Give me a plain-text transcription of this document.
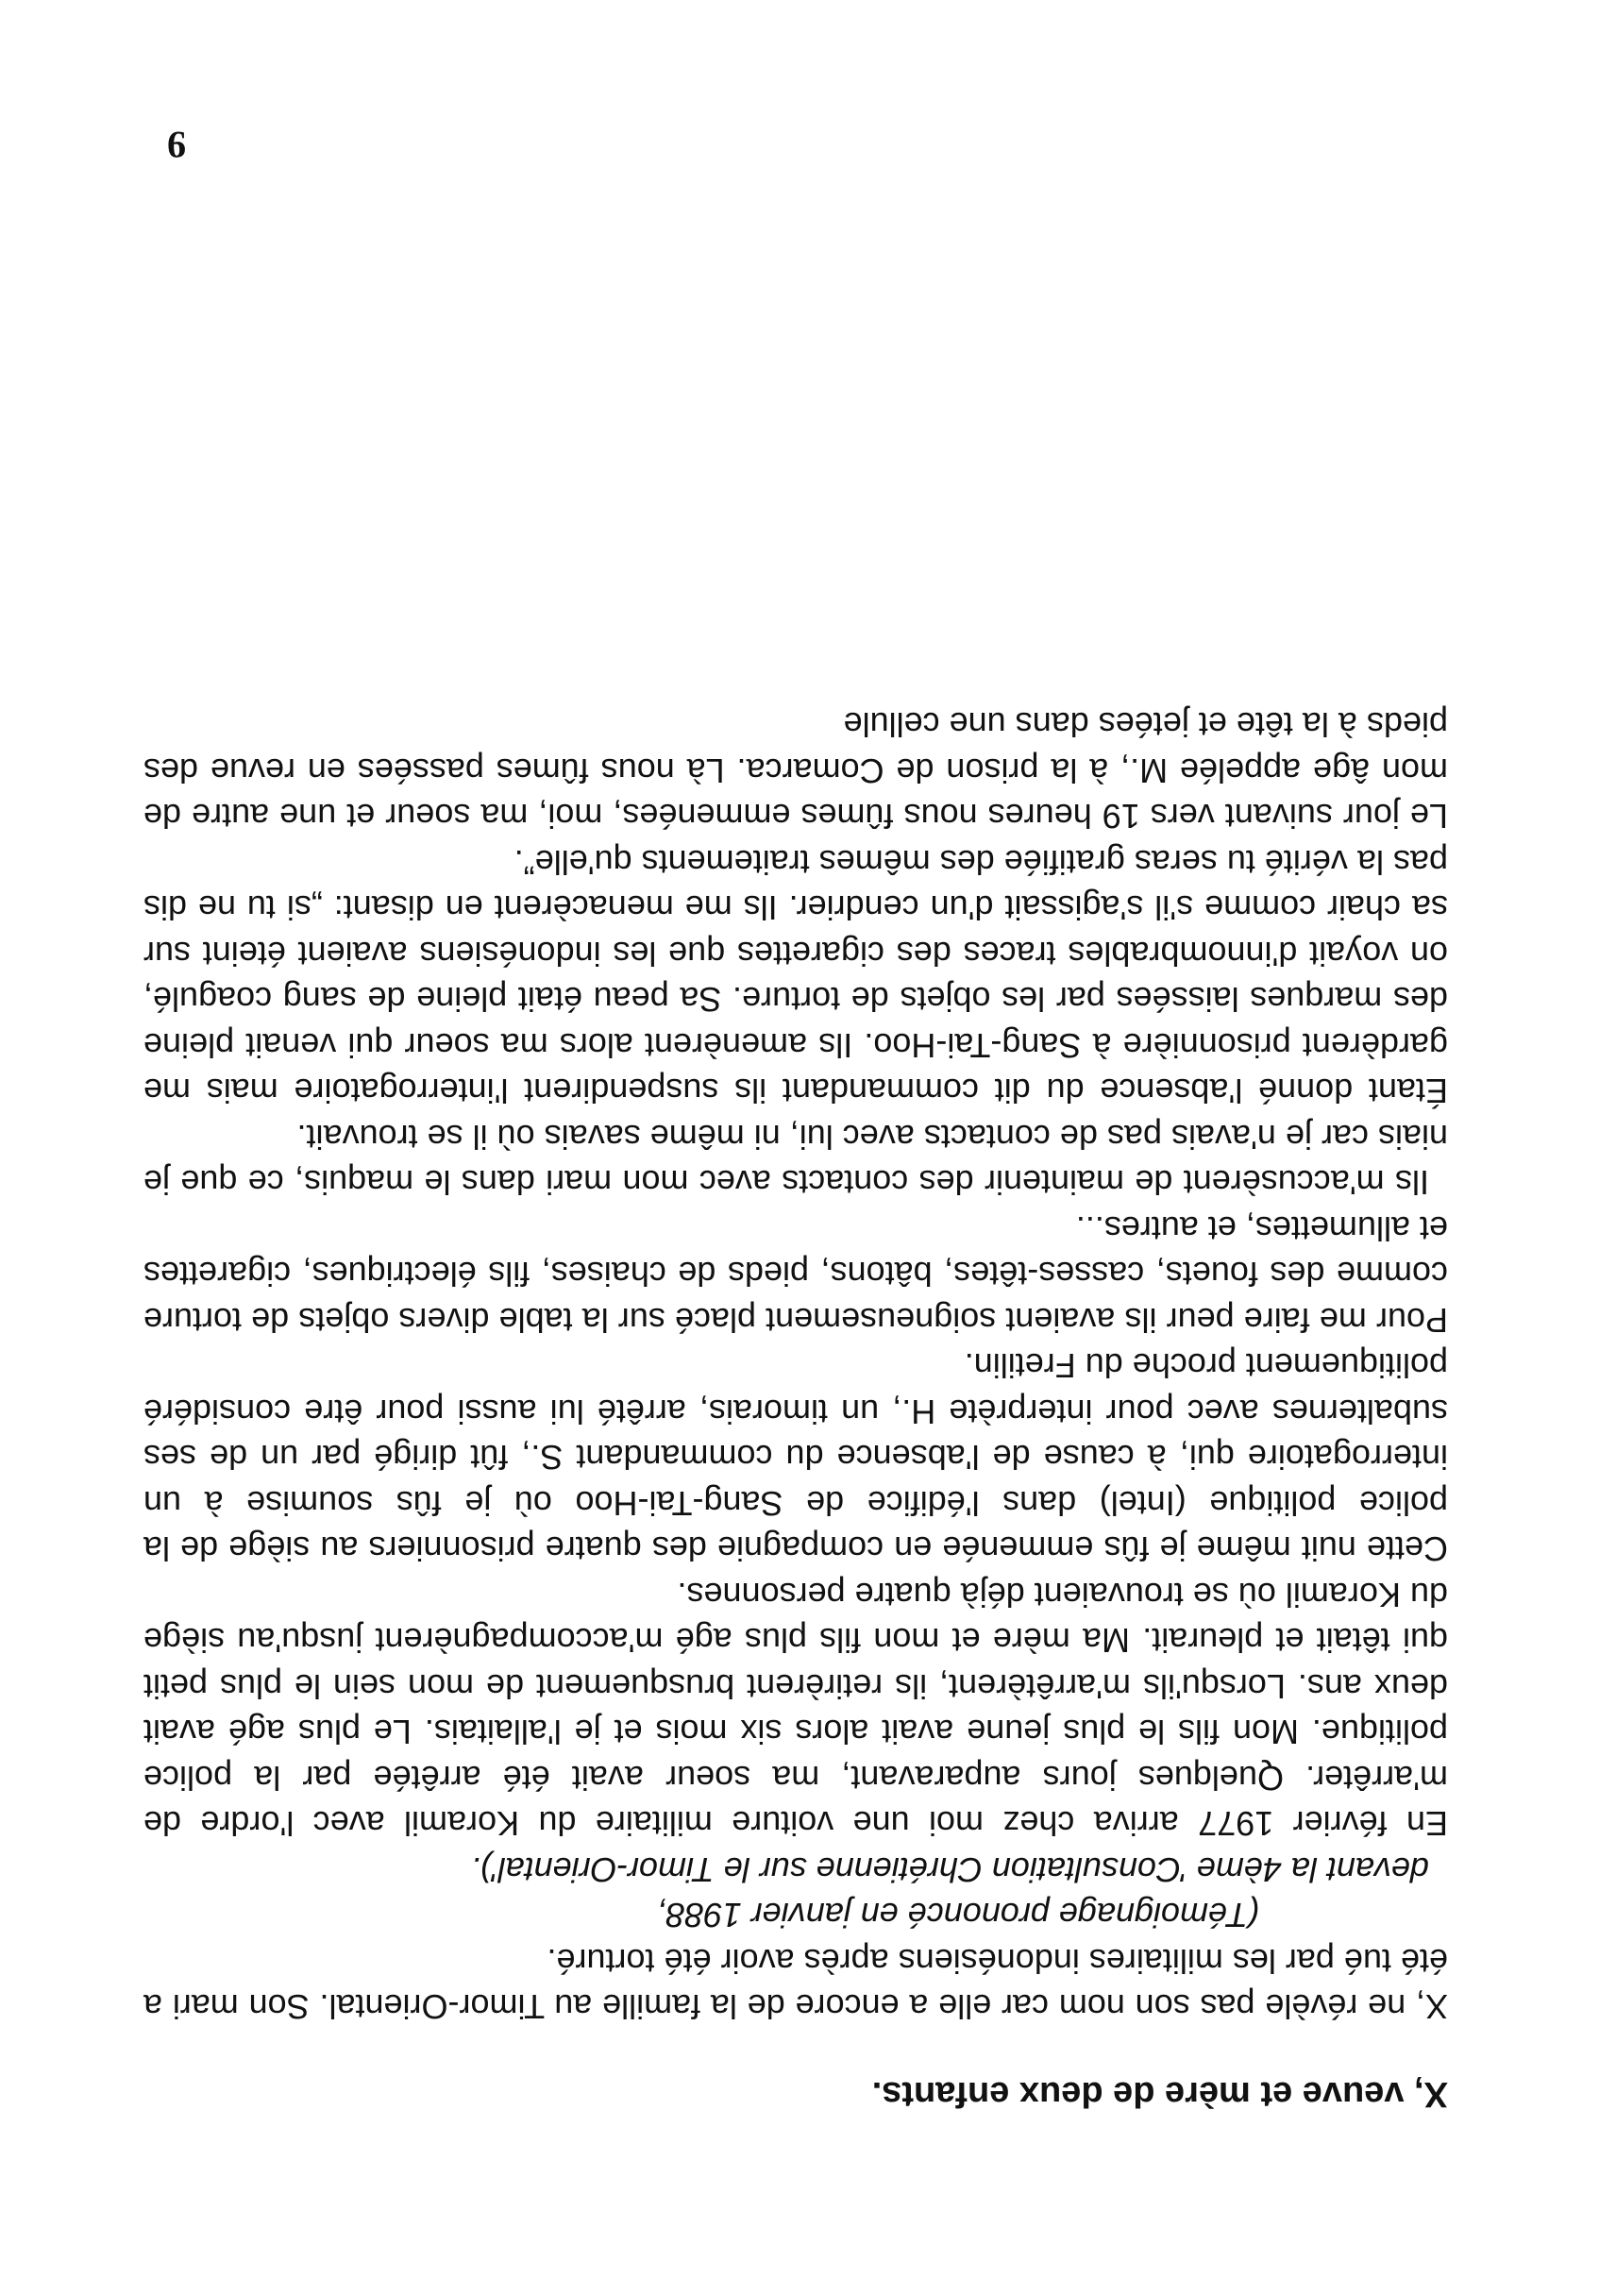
X, veuve et mère de deux enfants.

X, ne révèle pas son nom car elle a encore de la famille au Timor-Oriental. Son mari a été tué par les militaires indonésiens après avoir été torturé.

(Témoignage prononcé en janvier 1988,
devant la 4ème 'Consultation Chrétienne sur le Timor-Oriental').

En février 1977 arriva chez moi une voiture militaire du Koramil avec l'ordre de m'arrêter. Quelques jours auparavant, ma soeur avait été arrêtée par la police politique. Mon fils le plus jeune avait alors six mois et je l'allaitais. Le plus agé avait deux ans. Lorsqu'ils m'arrêtèrent, ils retirèrent brusquement de mon sein le plus petit qui têtait et pleurait. Ma mère et mon fils plus agé m'accompagnèrent jusqu'au siège du Koramil où se trouvaient déjà quatre personnes.

Cette nuit même je fûs emmenée en compagnie des quatre prisonniers au siège de la police politique (Intel) dans l'édifice de Sang-Tai-Hoo où je fûs soumise à un interrogatoire qui, à cause de l'absence du commandant S., fût dirigé par un de ses subalternes avec pour interprète H., un timorais, arrêté lui aussi pour être considéré politiquement proche du Fretilin.

Pour me faire peur ils avaient soigneusement placé sur la table divers objets de torture comme des fouets, casses-têtes, bâtons, pieds de chaises, fils électriques, cigarettes et allumettes, et autres...

Ils m'accusèrent de maintenir des contacts avec mon mari dans le maquis, ce que je niais car je n'avais pas de contacts avec lui, ni même savais où il se trouvait.

Étant donné l'absence du dit commandant ils suspendirent l'interrogatoire mais me gardèrent prisonnière à Sang-Tai-Hoo. Ils amenèrent alors ma soeur qui venait pleine des marques laissées par les objets de torture. Sa peau était pleine de sang coagulé, on voyait d'innombrables traces des cigarettes que les indonésiens avaient éteint sur sa chair comme s'il s'agissait d'un cendrier. Ils me menacèrent en disant: „si tu ne dis pas la vérité tu seras gratifiée des mêmes traitements qu'elle”.

Le jour suivant vers 19 heures nous fûmes emmenées, moi, ma soeur et une autre de mon âge appelée M., à la prison de Comarca. Là nous fûmes passées en revue des pieds à la tête et jetées dans une cellule

9
